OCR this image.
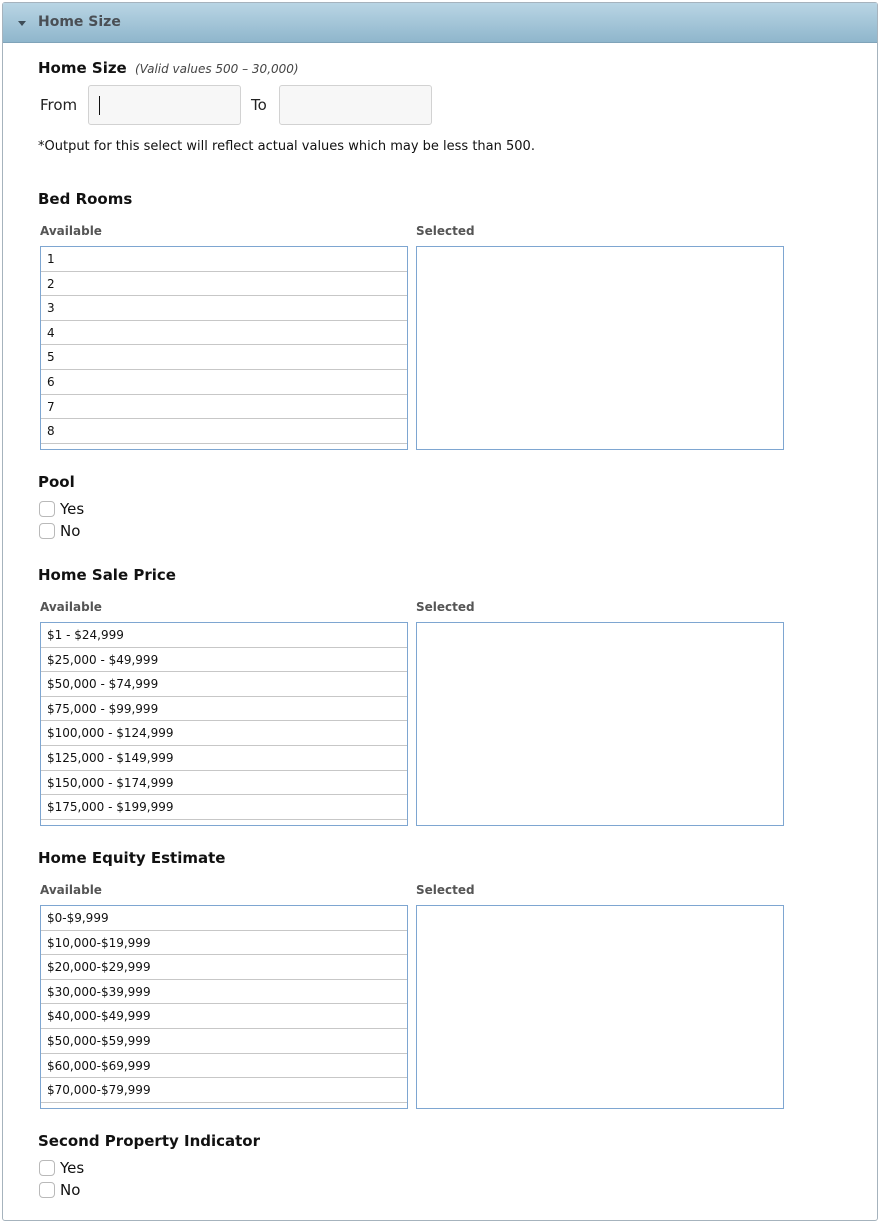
Home Size
Home Size (Valid values 500 – 30,000)
From	To
*Output for this select will reflect actual values which may be less than 500.
Bed Rooms
Available	Selected
1
2
3
4
5
6
7
8
Pool
Yes
No
Home Sale Price
Available	Selected
$1 - $24,999
$25,000 - $49,999
$50,000 - $74,999
$75,000 - $99,999
$100,000 - $124,999
$125,000 - $149,999
$150,000 - $174,999
$175,000 - $199,999
Home Equity Estimate
Available	Selected
$0-$9,999
$10,000-$19,999
$20,000-$29,999
$30,000-$39,999
$40,000-$49,999
$50,000-$59,999
$60,000-$69,999
$70,000-$79,999
Second Property Indicator
Yes
No
